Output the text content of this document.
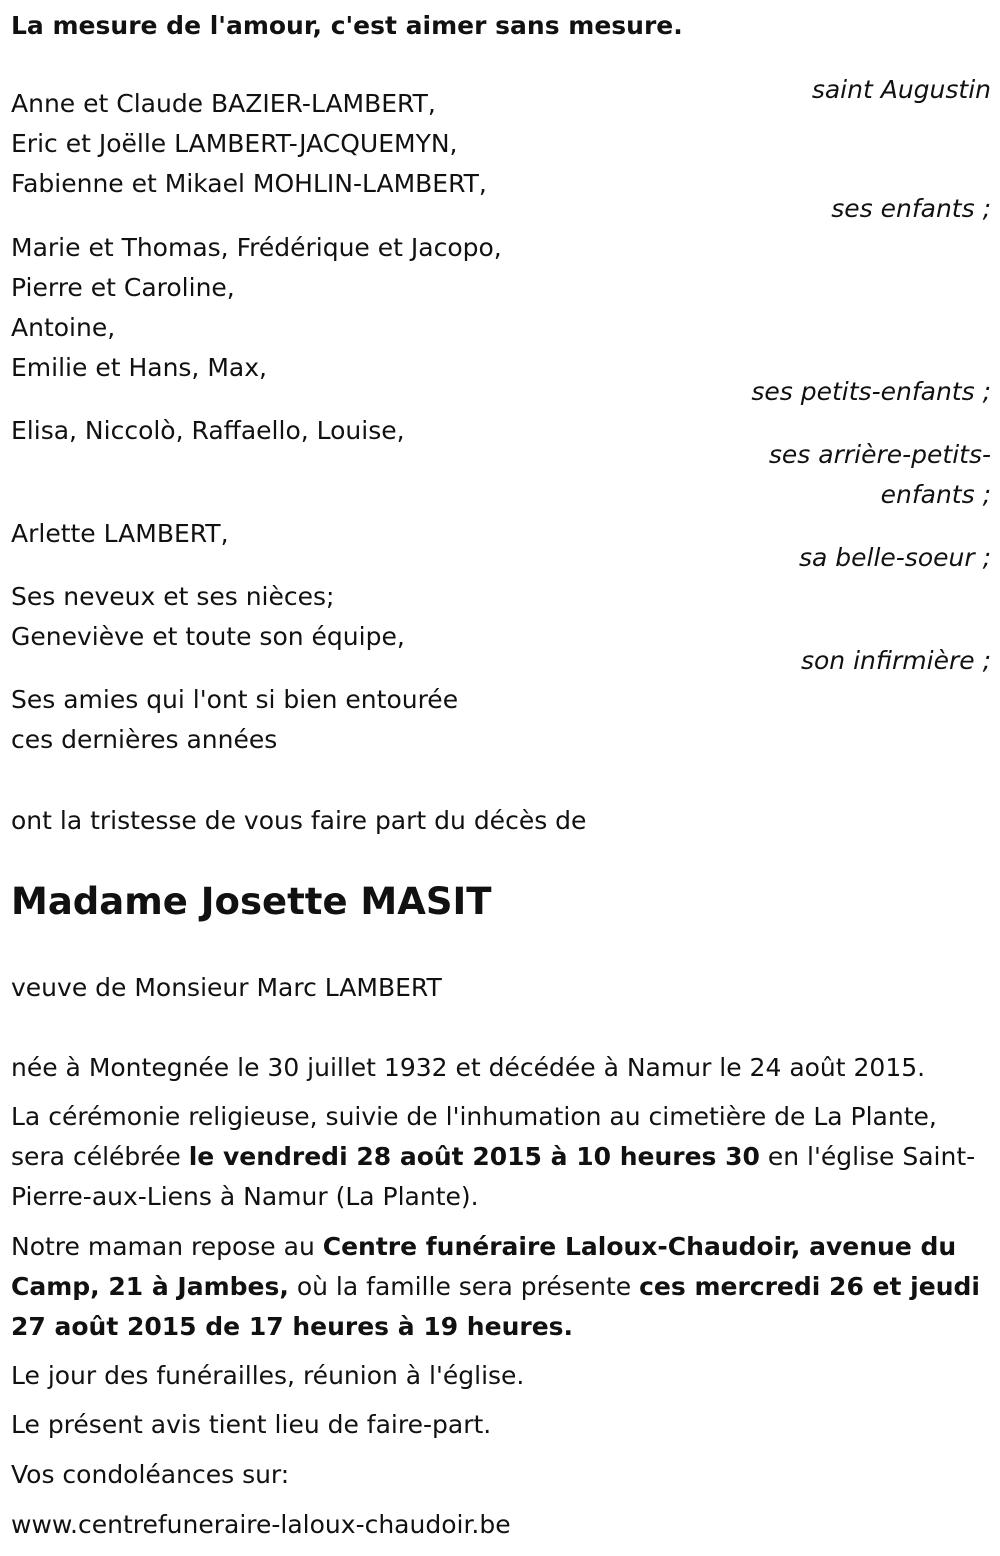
La mesure de l'amour, c'est aimer sans mesure.
saint Augustin
Anne et Claude BAZIER-LAMBERT,
Eric et Joëlle LAMBERT-JACQUEMYN,
Fabienne et Mikael MOHLIN-LAMBERT,
ses enfants ;
Marie et Thomas, Frédérique et Jacopo,
Pierre et Caroline,
Antoine,
Emilie et Hans, Max,
ses petits-enfants ;
Elisa, Niccolò, Raffaello, Louise,
ses arrière-petits-enfants ;
Arlette LAMBERT,
sa belle-soeur ;
Ses neveux et ses nièces;
Geneviève et toute son équipe,
son infirmière ;
Ses amies qui l'ont si bien entourée
ces dernières années
ont la tristesse de vous faire part du décès de
Madame Josette MASIT
veuve de Monsieur Marc LAMBERT
née à Montegnée le 30 juillet 1932 et décédée à Namur le 24 août 2015.
La cérémonie religieuse, suivie de l'inhumation au cimetière de La Plante, sera célébrée le vendredi 28 août 2015 à 10 heures 30 en l'église Saint-Pierre-aux-Liens à Namur (La Plante).
Notre maman repose au Centre funéraire Laloux-Chaudoir, avenue du Camp, 21 à Jambes, où la famille sera présente ces mercredi 26 et jeudi 27 août 2015 de 17 heures à 19 heures.
Le jour des funérailles, réunion à l'église.
Le présent avis tient lieu de faire-part.
Vos condoléances sur:
www.centrefuneraire-laloux-chaudoir.be
